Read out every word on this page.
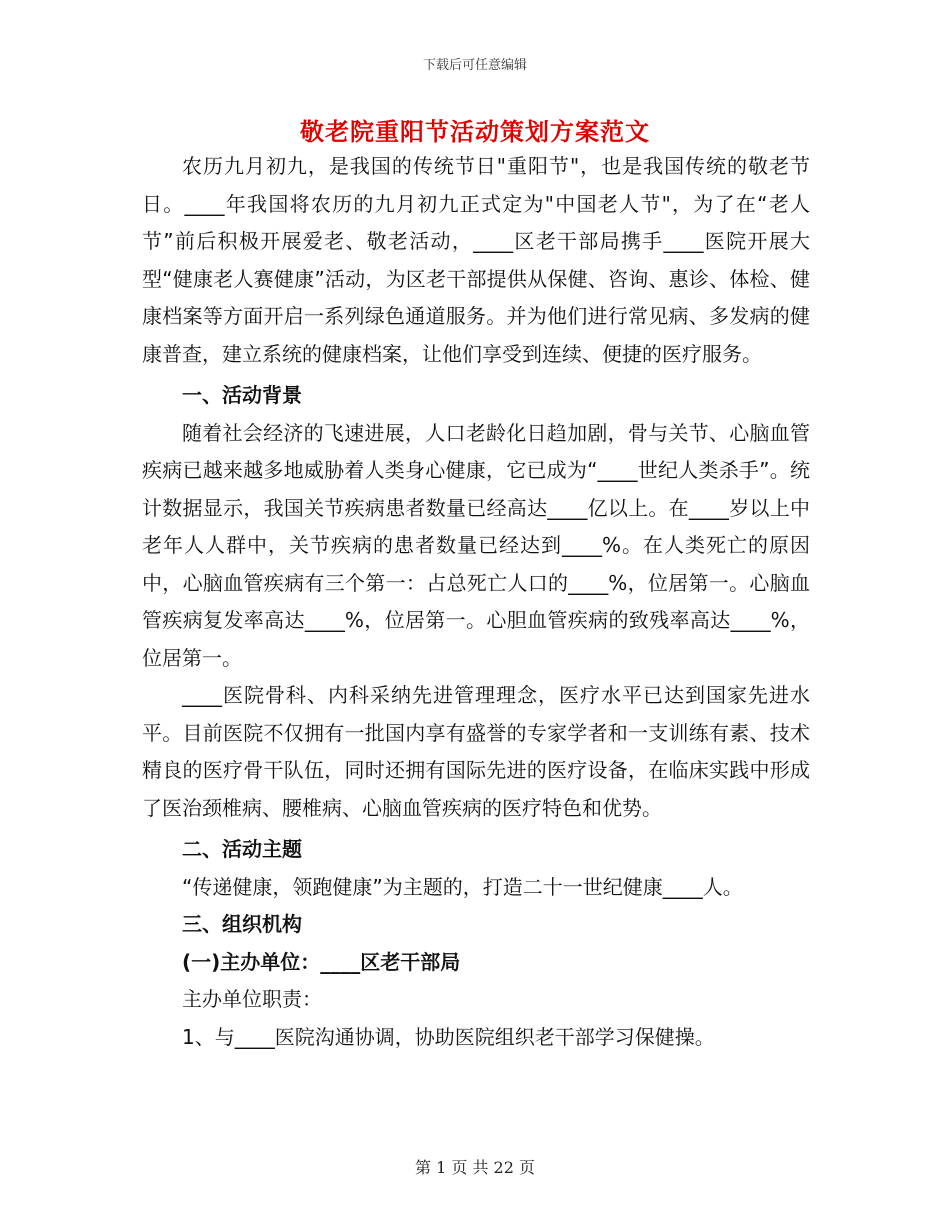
下载后可任意编辑
敬老院重阳节活动策划方案范文

农历九月初九，是我国的传统节日"重阳节"，也是我国传统的敬老节日。____年我国将农历的九月初九正式定为"中国老人节"，为了在“老人节”前后积极开展爱老、敬老活动，____区老干部局携手____医院开展大型“健康老人赛健康”活动，为区老干部提供从保健、咨询、惠诊、体检、健康档案等方面开启一系列绿色通道服务。并为他们进行常见病、多发病的健康普查，建立系统的健康档案，让他们享受到连续、便捷的医疗服务。

一、活动背景

随着社会经济的飞速进展，人口老龄化日趋加剧，骨与关节、心脑血管疾病已越来越多地威胁着人类身心健康，它已成为“____世纪人类杀手”。统计数据显示，我国关节疾病患者数量已经高达____亿以上。在____岁以上中老年人人群中，关节疾病的患者数量已经达到____%。在人类死亡的原因中，心脑血管疾病有三个第一：占总死亡人口的____%，位居第一。心脑血管疾病复发率高达____%，位居第一。心胆血管疾病的致残率高达____%，位居第一。

____医院骨科、内科采纳先进管理理念，医疗水平已达到国家先进水平。目前医院不仅拥有一批国内享有盛誉的专家学者和一支训练有素、技术精良的医疗骨干队伍，同时还拥有国际先进的医疗设备，在临床实践中形成了医治颈椎病、腰椎病、心脑血管疾病的医疗特色和优势。

二、活动主题

“传递健康，领跑健康”为主题的，打造二十一世纪健康____人。

三、组织机构

(一)主办单位：____区老干部局

主办单位职责：

1、与____医院沟通协调，协助医院组织老干部学习保健操。

第 1 页 共 22 页
